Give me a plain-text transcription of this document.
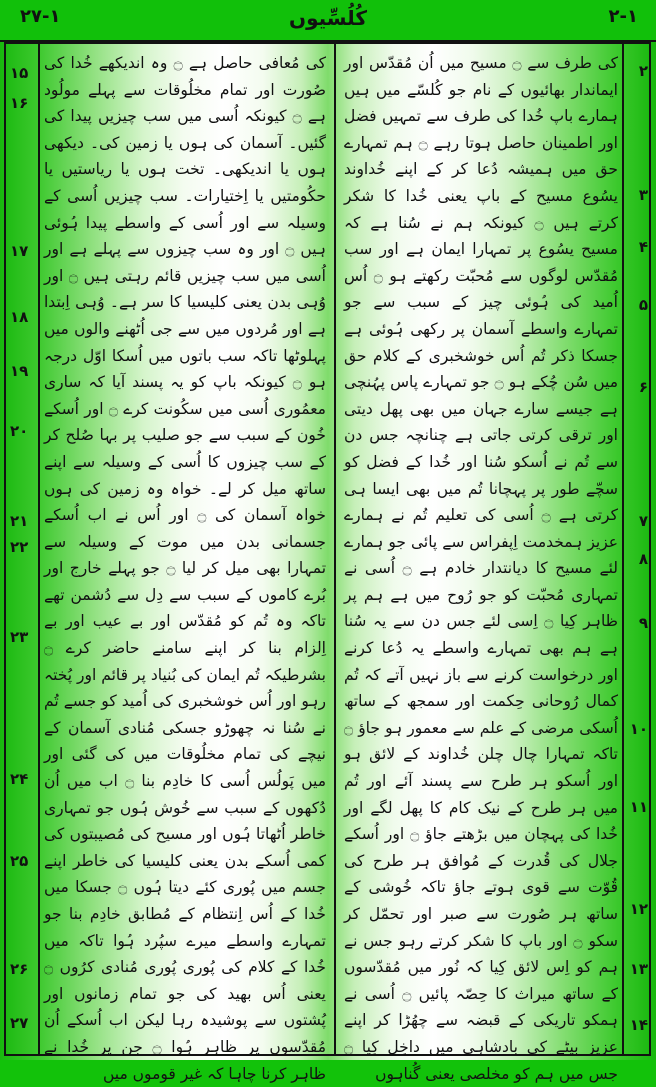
۲۷-۱	کُلُسِّیوں	۲-۱
کی طرف سے ۝ مسیح میں اُن مُقدّس اور ایماندار بھائیوں کے نام جو کُلسّے میں ہیں ہمارے باپ خُدا کی طرف سے تمہیں فضل اور اطمینان حاصل ہوتا رہے ۝ ہم تمہارے حق میں ہمیشہ دُعا کر کے اپنے خُداوند یسُوع مسیح کے باپ یعنی خُدا کا شکر کرتے ہیں ۝ کیونکہ ہم نے سُنا ہے کہ مسیح یسُوع پر تمہارا ایمان ہے اور سب مُقدّس لوگوں سے مُحبّت رکھتے ہو ۝ اُس اُمید کی ہُوئی چیز کے سبب سے جو تمہارے واسطے آسمان پر رکھی ہُوئی ہے جسکا ذکر تُم اُس خوشخبری کے کلام حق میں سُن چُکے ہو ۝ جو تمہارے پاس پہُنچی ہے جیسے سارے جہان میں بھی پھل دیتی اور ترقی کرتی جاتی ہے چنانچہ جس دن سے تُم نے اُسکو سُنا اور خُدا کے فضل کو سچّے طور پر پہچانا تُم میں بھی ایسا ہی کرتی ہے ۝ اُسی کی تعلیم تُم نے ہمارے عزیز ہمخدمت اِپفراس سے پائی جو ہمارے لئے مسیح کا دیانتدار خادم ہے ۝ اُسی نے تمہاری مُحبّت کو جو رُوح میں ہے ہم پر ظاہر کِیا ۝ اِسی لئے جس دن سے یہ سُنا ہے ہم بھی تمہارے واسطے یہ دُعا کرنے اور درخواست کرنے سے باز نہیں آتے کہ تُم کمال رُوحانی حِکمت اور سمجھ کے ساتھ اُسکی مرضی کے علم سے معمور ہو جاؤ ۝ تاکہ تمہارا چال چلن خُداوند کے لائق ہو اور اُسکو ہر طرح سے پسند آئے اور تُم میں ہر طرح کے نیک کام کا پھل لگے اور خُدا کی پہچان میں بڑھتے جاؤ ۝ اور اُسکے جلال کی قُدرت کے مُوافق ہر طرح کی قُوّت سے قوی ہوتے جاؤ تاکہ خُوشی کے ساتھ ہر صُورت سے صبر اور تحمّل کر سکو ۝ اور باپ کا شکر کرتے رہو جس نے ہم کو اِس لائق کِیا کہ نُور میں مُقدّسوں کے ساتھ میراث کا حِصّہ پائیں ۝ اُسی نے ہمکو تاریکی کے قبضہ سے چھُڑا کر اپنے عزیز بیٹے کی بادشاہی میں داخِل کِیا ۝ جس میں ہم کو مخلصی یعنی گُناہوں
کی مُعافی حاصل ہے ۝ وہ اندیکھے خُدا کی صُورت اور تمام مخلُوقات سے پہلے مولُود ہے ۝ کیونکہ اُسی میں سب چیزیں پیدا کی گئیں۔ آسمان کی ہوں یا زمین کی۔ دیکھی ہوں یا اندیکھی۔ تخت ہوں یا ریاستیں یا حکُومتیں یا اِختیارات۔ سب چیزیں اُسی کے وسیلہ سے اور اُسی کے واسطے پیدا ہُوئی ہیں ۝ اور وہ سب چیزوں سے پہلے ہے اور اُسی میں سب چیزیں قائم رہتی ہیں ۝ اور وُہی بدن یعنی کلیسیا کا سر ہے۔ وُہی اِبتدا ہے اور مُردوں میں سے جی اُٹھنے والوں میں پہلوٹھا تاکہ سب باتوں میں اُسکا اوّل درجہ ہو ۝ کیونکہ باپ کو یہ پسند آیا کہ ساری معمُوری اُسی میں سکُونت کرے ۝ اور اُسکے خُون کے سبب سے جو صلیب پر بہا صُلح کر کے سب چیزوں کا اُسی کے وسیلہ سے اپنے ساتھ میل کر لے۔ خواہ وہ زمین کی ہوں خواہ آسمان کی ۝ اور اُس نے اب اُسکے جسمانی بدن میں موت کے وسیلہ سے تمہارا بھی میل کر لیا ۝ جو پہلے خارج اور بُرے کاموں کے سبب سے دِل سے دُشمن تھے تاکہ وہ تُم کو مُقدّس اور بے عیب اور بے اِلزام بنا کر اپنے سامنے حاضر کرے ۝ بشرطیکہ تُم ایمان کی بُنیاد پر قائم اور پُختہ رہو اور اُس خوشخبری کی اُمید کو جسے تُم نے سُنا نہ چھوڑو جسکی مُنادی آسمان کے نیچے کی تمام مخلُوقات میں کی گئی اور میں پَولُس اُسی کا خادِم بنا ۝ اب میں اُن دُکھوں کے سبب سے خُوش ہُوں جو تمہاری خاطر اُٹھاتا ہُوں اور مسیح کی مُصیبتوں کی کمی اُسکے بدن یعنی کلیسیا کی خاطر اپنے جسم میں پُوری کئے دیتا ہُوں ۝ جسکا میں خُدا کے اُس اِنتظام کے مُطابق خادِم بنا جو تمہارے واسطے میرے سپُرد ہُوا تاکہ میں خُدا کے کلام کی پُوری پُوری مُنادی کرُوں ۝ یعنی اُس بھید کی جو تمام زمانوں اور پُشتوں سے پوشیدہ رہا لیکن اب اُسکے اُن مُقدّسوں پر ظاہر ہُوا ۝ جن پر خُدا نے ظاہر کرنا چاہا کہ غیر قوموں میں
۲
۳
۴
۵
۶
۷
۸
۹
۱۰
۱۱
۱۲
۱۳
۱۴
۱۵
۱۶
۱۷
۱۸
۱۹
۲۰
۲۱
۲۲
۲۳
۲۴
۲۵
۲۶
۲۷
